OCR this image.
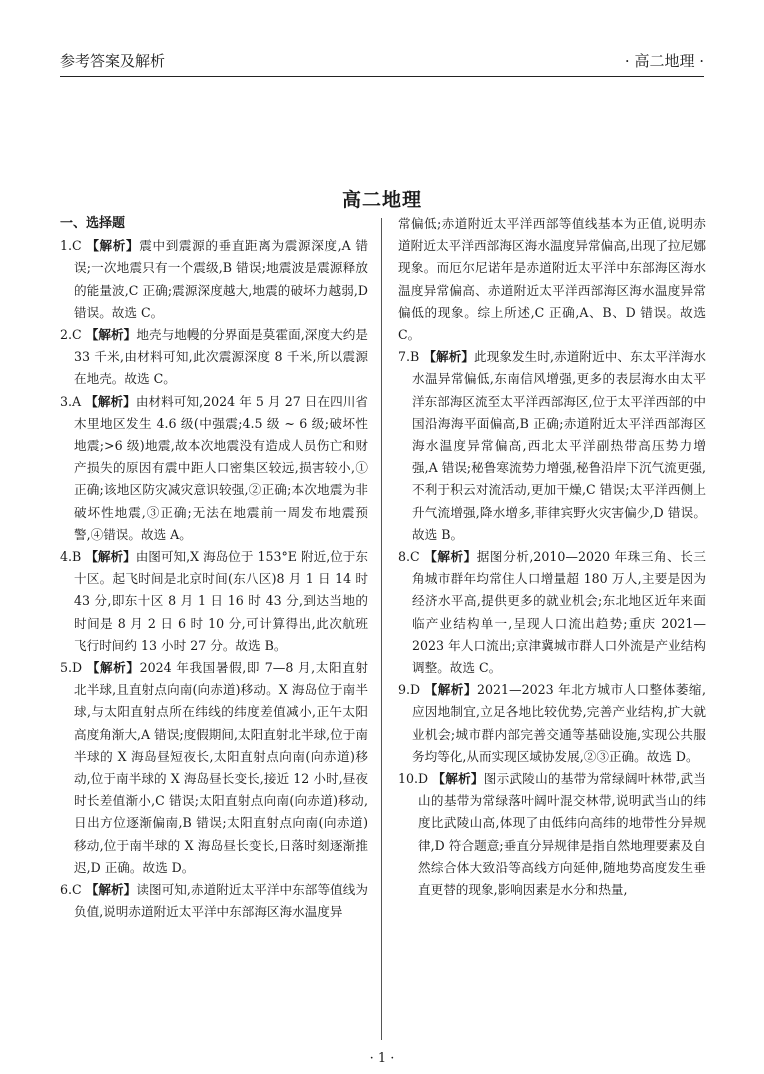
参考答案及解析	· 高二地理 ·
高二地理

一、选择题

1.C 【解析】震中到震源的垂直距离为震源深度,A 错误;一次地震只有一个震级,B 错误;地震波是震源释放的能量波,C 正确;震源深度越大,地震的破坏力越弱,D 错误。故选 C。

2.C 【解析】地壳与地幔的分界面是莫霍面,深度大约是 33 千米,由材料可知,此次震源深度 8 千米,所以震源在地壳。故选 C。

3.A 【解析】由材料可知,2024 年 5 月 27 日在四川省木里地区发生 4.6 级(中强震;4.5 级 ~ 6 级;破坏性地震;>6 级)地震,故本次地震没有造成人员伤亡和财产损失的原因有震中距人口密集区较远,损害较小,①正确;该地区防灾减灾意识较强,②正确;本次地震为非破坏性地震,③正确;无法在地震前一周发布地震预警,④错误。故选 A。

4.B 【解析】由图可知,X 海岛位于 153°E 附近,位于东十区。起飞时间是北京时间(东八区)8 月 1 日 14 时 43 分,即东十区 8 月 1 日 16 时 43 分,到达当地的时间是 8 月 2 日 6 时 10 分,可计算得出,此次航班飞行时间约 13 小时 27 分。故选 B。

5.D 【解析】2024 年我国暑假,即 7—8 月,太阳直射北半球,且直射点向南(向赤道)移动。X 海岛位于南半球,与太阳直射点所在纬线的纬度差值减小,正午太阳高度角渐大,A 错误;度假期间,太阳直射北半球,位于南半球的 X 海岛昼短夜长,太阳直射点向南(向赤道)移动,位于南半球的 X 海岛昼长变长,接近 12 小时,昼夜时长差值渐小,C 错误;太阳直射点向南(向赤道)移动,日出方位逐渐偏南,B 错误;太阳直射点向南(向赤道)移动,位于南半球的 X 海岛昼长变长,日落时刻逐渐推迟,D 正确。故选 D。

6.C 【解析】读图可知,赤道附近太平洋中东部等值线为负值,说明赤道附近太平洋中东部海区海水温度异

常偏低;赤道附近太平洋西部等值线基本为正值,说明赤道附近太平洋西部海区海水温度异常偏高,出现了拉尼娜现象。而厄尔尼诺年是赤道附近太平洋中东部海区海水温度异常偏高、赤道附近太平洋西部海区海水温度异常偏低的现象。综上所述,C 正确,A、B、D 错误。故选 C。

7.B 【解析】此现象发生时,赤道附近中、东太平洋海水水温异常偏低,东南信风增强,更多的表层海水由太平洋东部海区流至太平洋西部海区,位于太平洋西部的中国沿海海平面偏高,B 正确;赤道附近太平洋西部海区海水温度异常偏高,西北太平洋副热带高压势力增强,A 错误;秘鲁寒流势力增强,秘鲁沿岸下沉气流更强,不利于积云对流活动,更加干燥,C 错误;太平洋西侧上升气流增强,降水增多,菲律宾野火灾害偏少,D 错误。故选 B。

8.C 【解析】据图分析,2010—2020 年珠三角、长三角城市群年均常住人口增量超 180 万人,主要是因为经济水平高,提供更多的就业机会;东北地区近年来面临产业结构单一,呈现人口流出趋势;重庆 2021—2023 年人口流出;京津冀城市群人口外流是产业结构调整。故选 C。

9.D 【解析】2021—2023 年北方城市人口整体萎缩,应因地制宜,立足各地比较优势,完善产业结构,扩大就业机会;城市群内部完善交通等基础设施,实现公共服务均等化,从而实现区域协发展,②③正确。故选 D。

10.D 【解析】图示武陵山的基带为常绿阔叶林带,武当山的基带为常绿落叶阔叶混交林带,说明武当山的纬度比武陵山高,体现了由低纬向高纬的地带性分异规律,D 符合题意;垂直分异规律是指自然地理要素及自然综合体大致沿等高线方向延伸,随地势高度发生垂直更替的现象,影响因素是水分和热量,

· 1 ·
